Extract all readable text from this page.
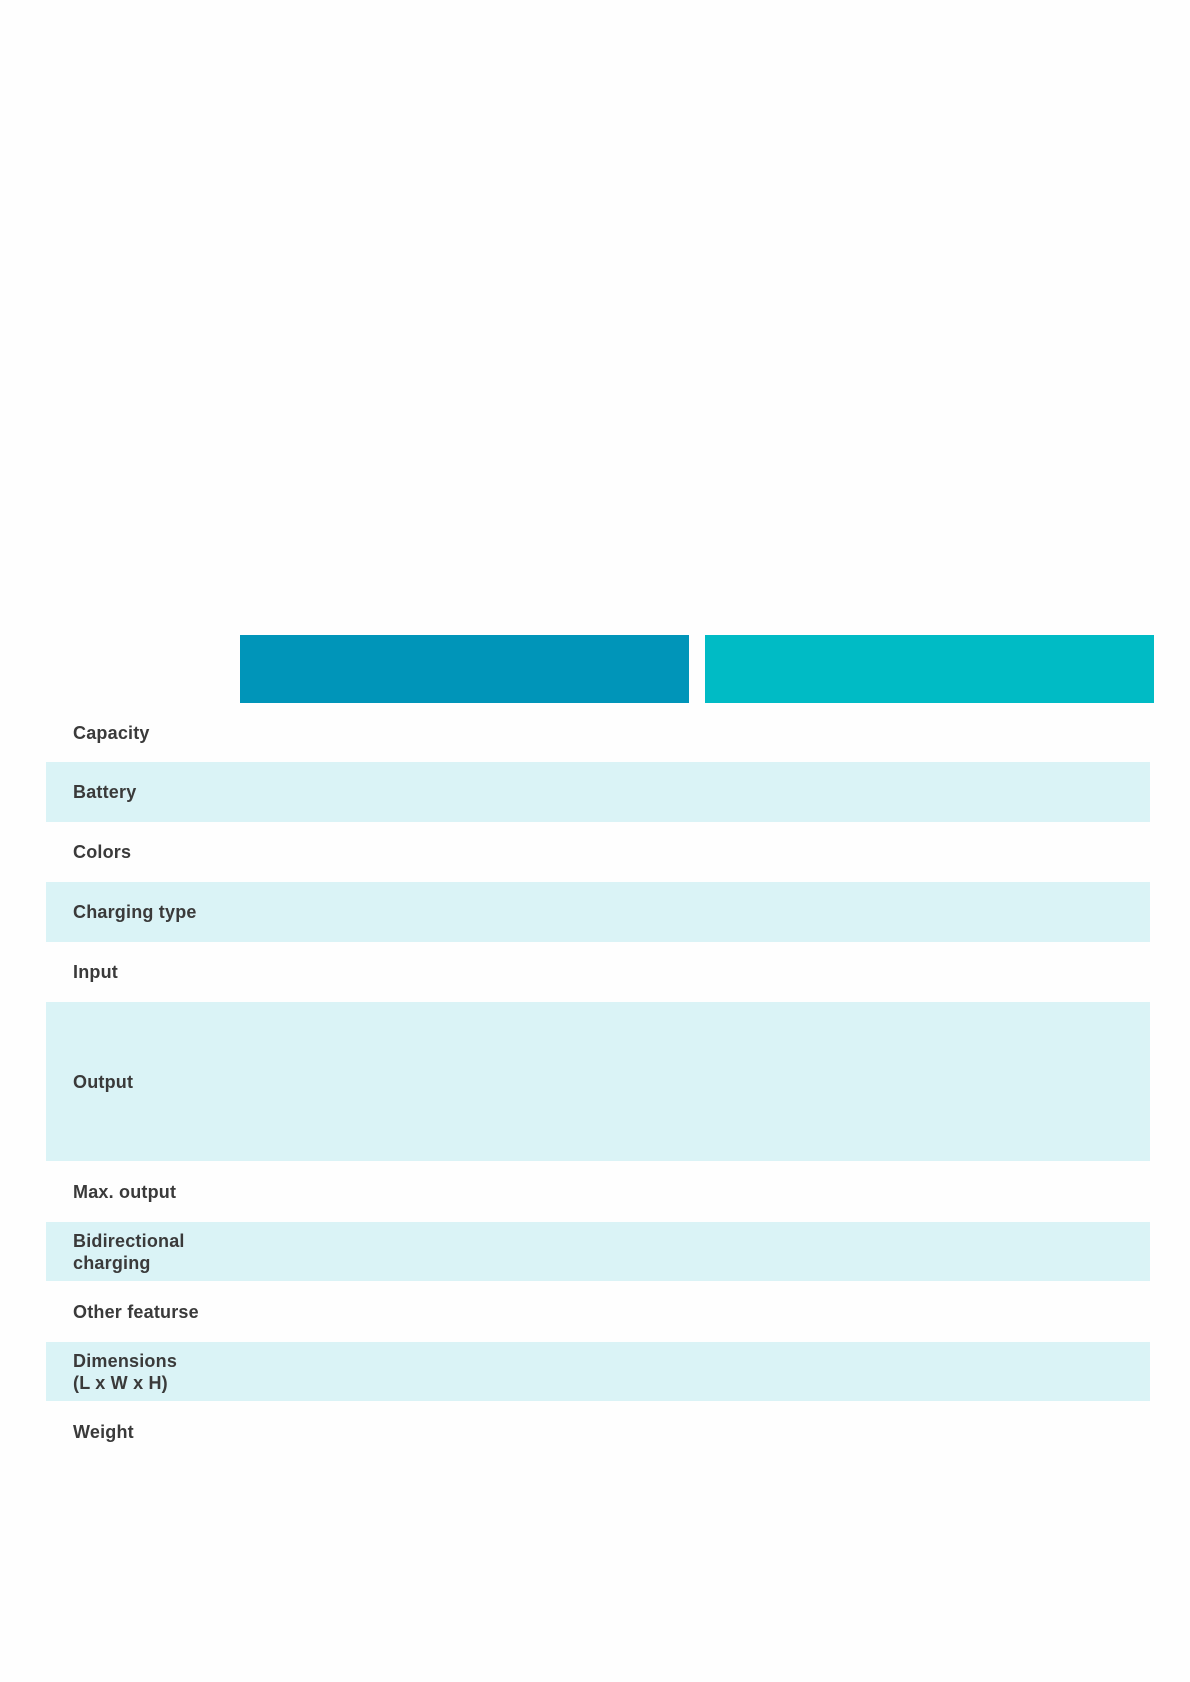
Capacity
Battery
Colors
Charging type
Input
Output
Max. output
Bidirectional
charging
Other featurse
Dimensions
(L x W x H)
Weight
